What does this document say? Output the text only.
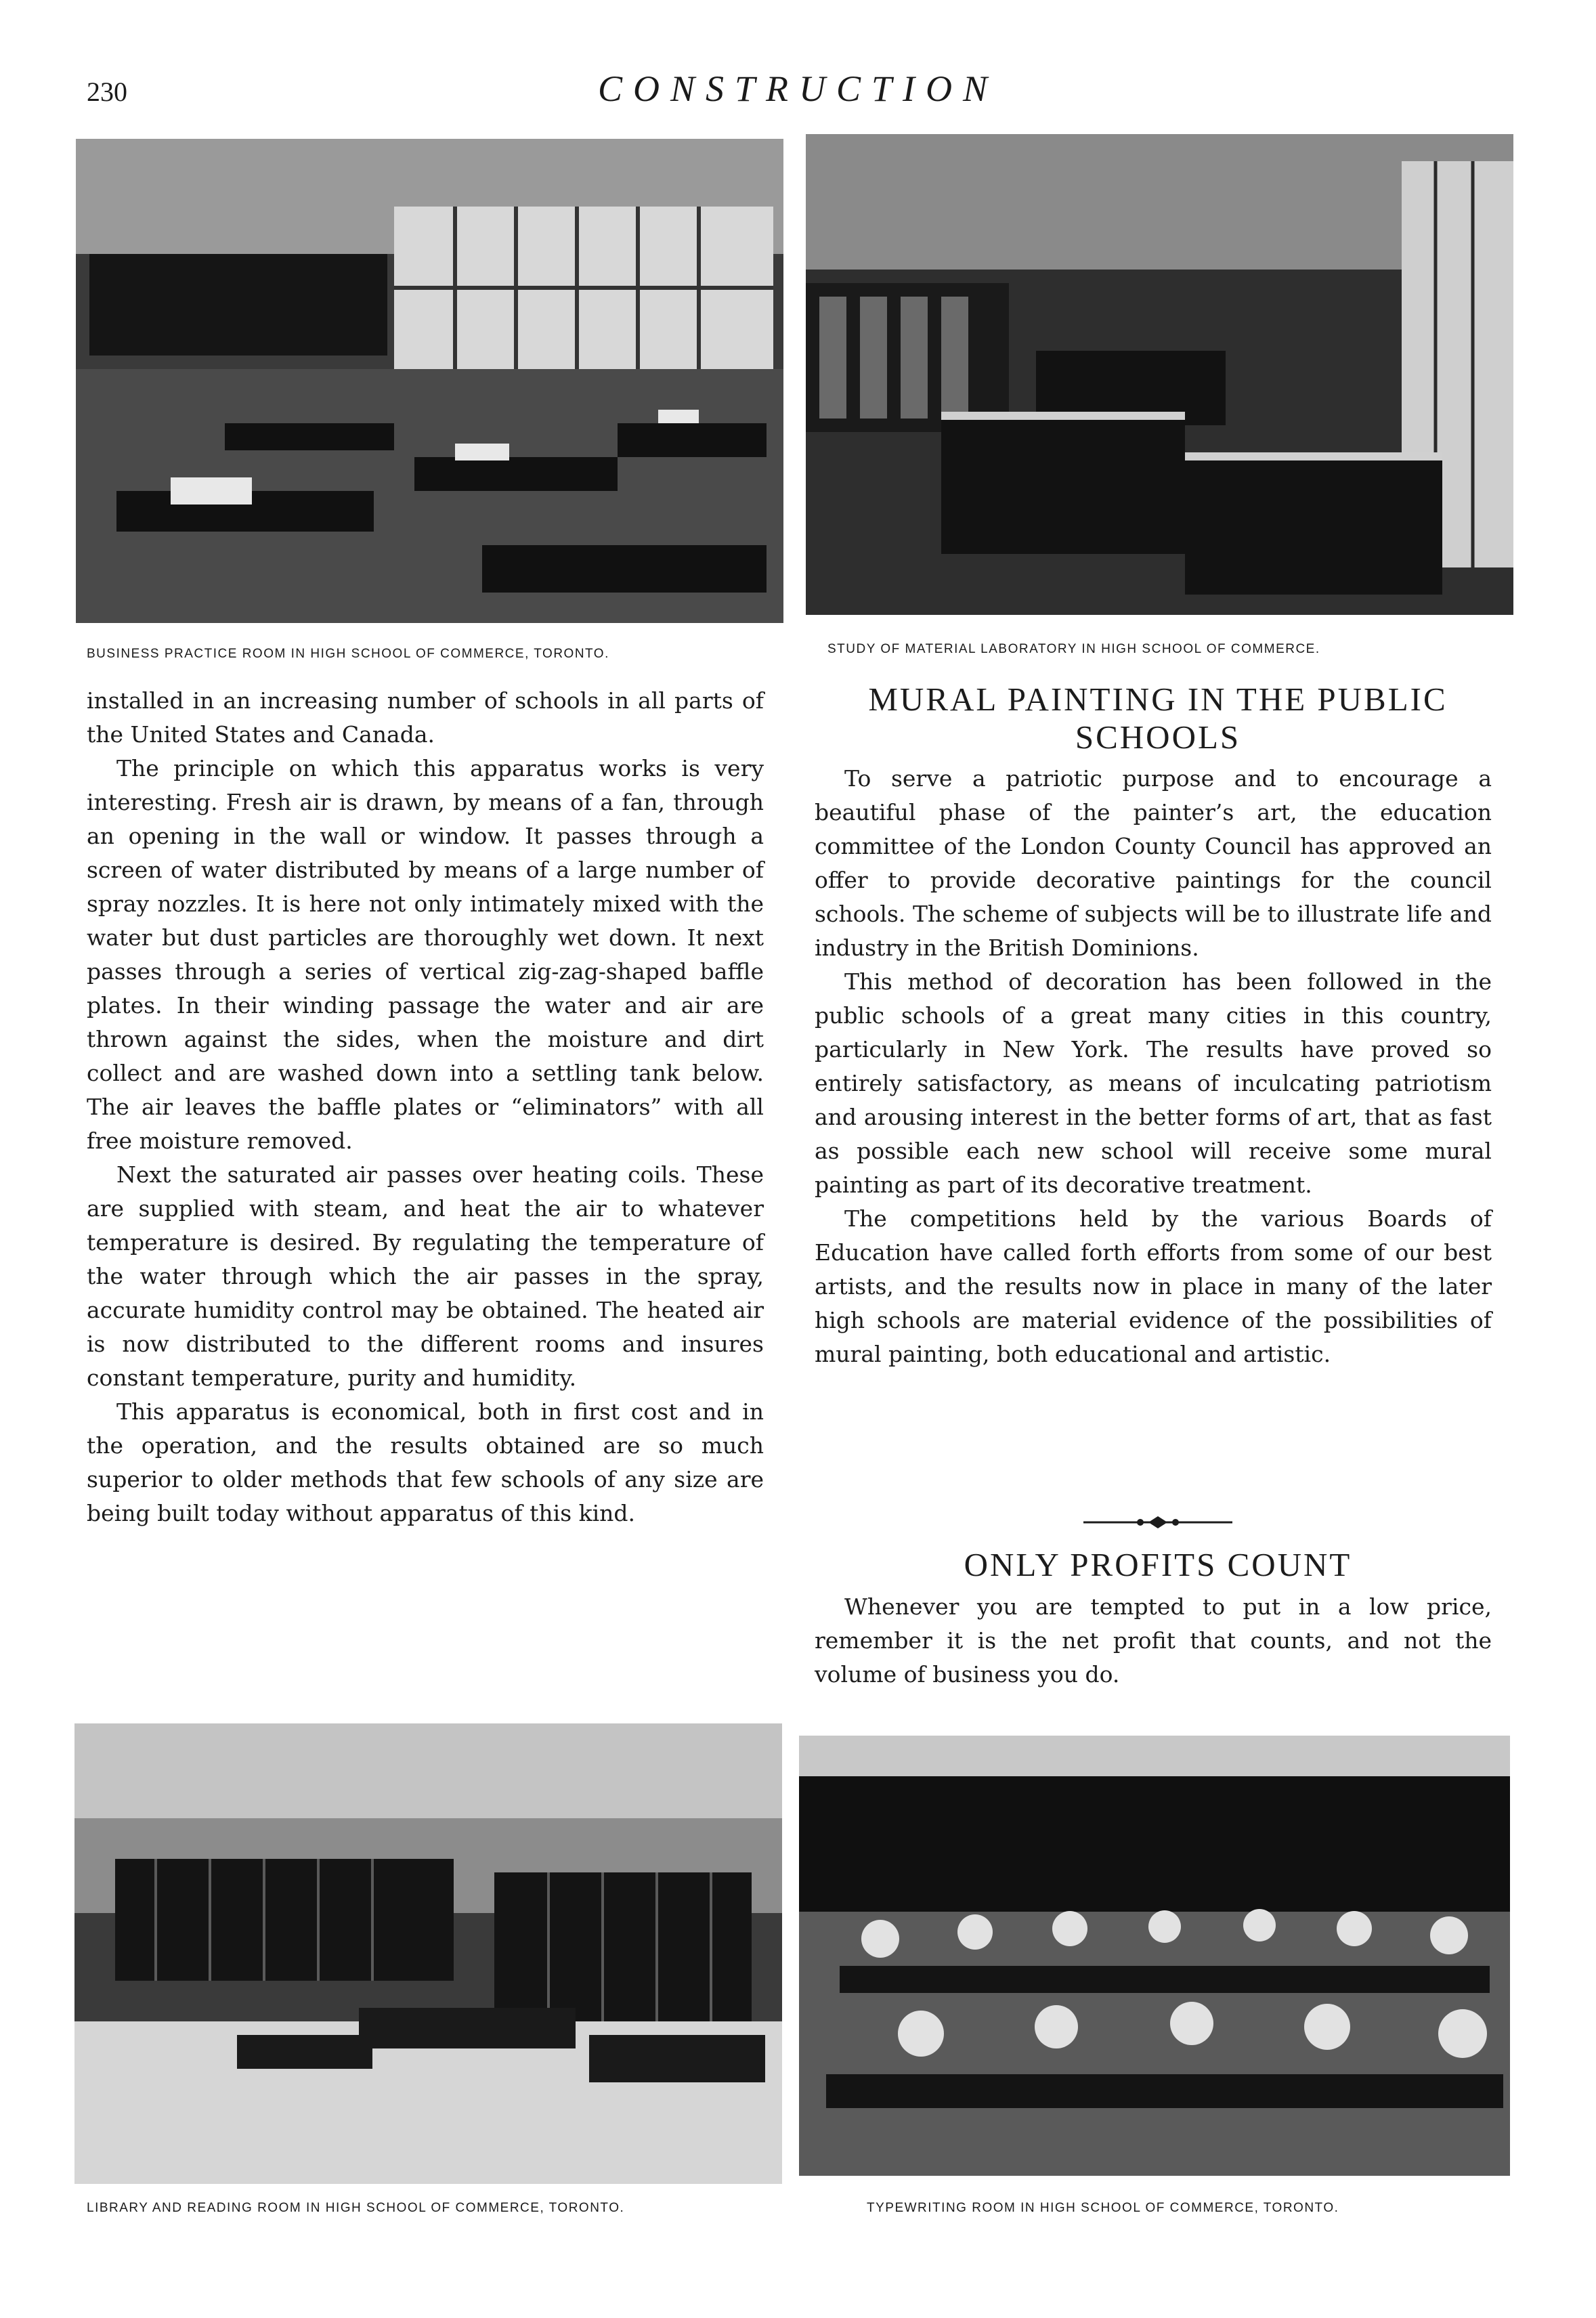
230	CONSTRUCTION
BUSINESS PRACTICE ROOM IN HIGH SCHOOL OF COMMERCE, TORONTO.	STUDY OF MATERIAL LABORATORY IN HIGH SCHOOL OF COMMERCE.

installed in an increasing number of schools in all parts of the United States and Canada.

The principle on which this apparatus works is very interesting. Fresh air is drawn, by means of a fan, through an opening in the wall or window. It passes through a screen of water distributed by means of a large number of spray nozzles. It is here not only intimately mixed with the water but dust particles are thoroughly wet down. It next passes through a series of vertical zig-zag-shaped baffle plates. In their winding passage the water and air are thrown against the sides, when the moisture and dirt collect and are washed down into a settling tank below. The air leaves the baffle plates or “eliminators” with all free moisture removed.

Next the saturated air passes over heating coils. These are supplied with steam, and heat the air to whatever temperature is desired. By regulating the temperature of the water through which the air passes in the spray, accurate humidity control may be obtained. The heated air is now distributed to the different rooms and insures constant temperature, purity and humidity.

This apparatus is economical, both in first cost and in the operation, and the results obtained are so much superior to older methods that few schools of any size are being built today without apparatus of this kind.

MURAL PAINTING IN THE PUBLIC SCHOOLS

To serve a patriotic purpose and to encourage a beautiful phase of the painter’s art, the education committee of the London County Council has approved an offer to provide decorative paintings for the council schools. The scheme of subjects will be to illustrate life and industry in the British Dominions.

This method of decoration has been followed in the public schools of a great many cities in this country, particularly in New York. The results have proved so entirely satisfactory, as means of inculcating patriotism and arousing interest in the better forms of art, that as fast as possible each new school will receive some mural painting as part of its decorative treatment.

The competitions held by the various Boards of Education have called forth efforts from some of our best artists, and the results now in place in many of the later high schools are material evidence of the possibilities of mural painting, both educational and artistic.

ONLY PROFITS COUNT

Whenever you are tempted to put in a low price, remember it is the net profit that counts, and not the volume of business you do.

LIBRARY AND READING ROOM IN HIGH SCHOOL OF COMMERCE, TORONTO.	TYPEWRITING ROOM IN HIGH SCHOOL OF COMMERCE, TORONTO.
